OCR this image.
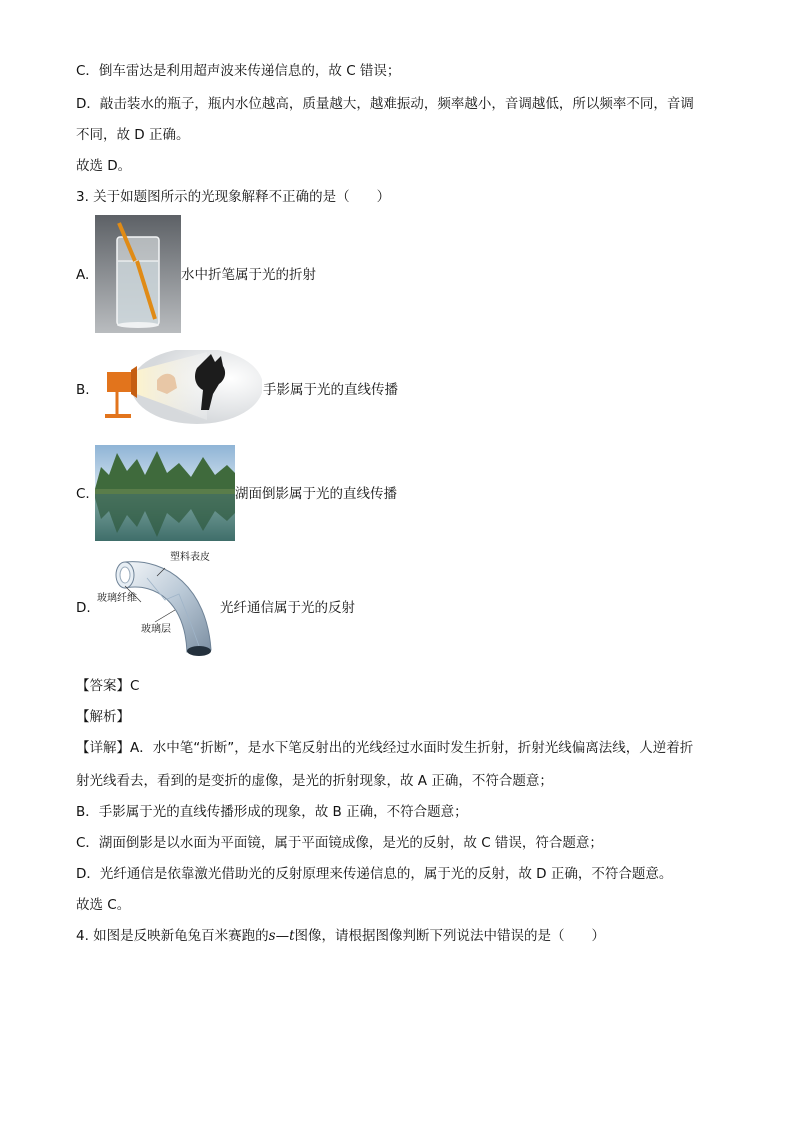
C．倒车雷达是利用超声波来传递信息的，故 C 错误；
D．敲击装水的瓶子，瓶内水位越高，质量越大，越难振动，频率越小，音调越低，所以频率不同，音调
不同，故 D 正确。
故选 D。
3. 关于如题图所示的光现象解释不正确的是（　　）
A.	水中折笔属于光的折射
B.	手影属于光的直线传播
C.	湖面倒影属于光的直线传播
D.
塑料表皮
玻璃纤维
玻璃层
光纤通信属于光的反射
【答案】C
【解析】
【详解】A．水中笔“折断”，是水下笔反射出的光线经过水面时发生折射，折射光线偏离法线，人逆着折
射光线看去，看到的是变折的虚像，是光的折射现象，故 A 正确，不符合题意；
B．手影属于光的直线传播形成的现象，故 B 正确，不符合题意；
C．湖面倒影是以水面为平面镜，属于平面镜成像，是光的反射，故 C 错误，符合题意；
D．光纤通信是依靠激光借助光的反射原理来传递信息的，属于光的反射，故 D 正确，不符合题意。
故选 C。
4. 如图是反映新龟兔百米赛跑的s—t图像，请根据图像判断下列说法中错误的是（　　）
